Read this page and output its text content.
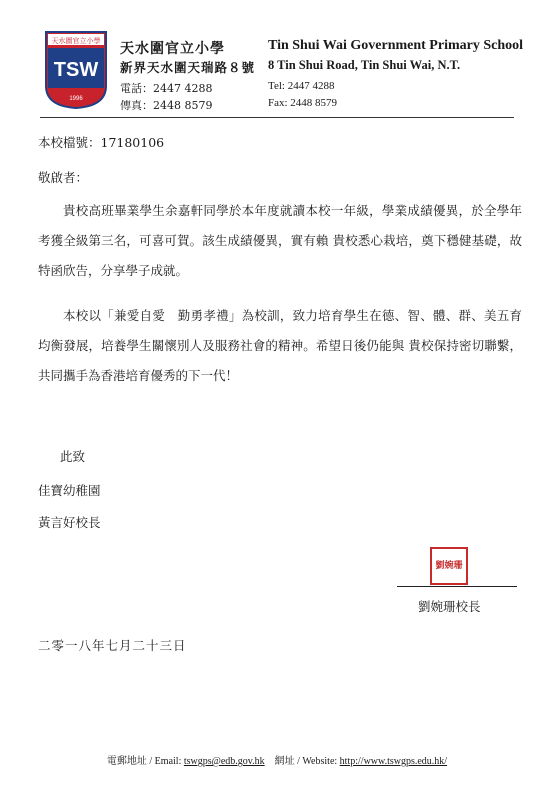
天水圍官立小學
TSW
1996
天水圍官立小學
新界天水圍天瑞路８號
電話：2447 4288
傳真：2448 8579
Tin Shui Wai Government Primary School
8 Tin Shui Road, Tin Shui Wai, N.T.
Tel: 2447 4288
Fax: 2448 8579
本校檔號：17180106
敬啟者：

貴校高班畢業學生余嘉軒同學於本年度就讀本校一年級，學業成績優異，於全學年考獲全級第三名，可喜可賀。該生成績優異，實有賴 貴校悉心栽培，奠下穩健基礎，故特函欣告，分享學子成就。

本校以「兼愛自愛　勤勇孝禮」為校訓，致力培育學生在德、智、體、群、美五育均衡發展，培養學生關懷別人及服務社會的精神。希望日後仍能與 貴校保持密切聯繫，共同攜手為香港培育優秀的下一代！

此致
佳寶幼稚園
黃言好校長
劉婉珊
劉婉珊校長
二零一八年七月二十三日
電郵地址 / Email: tswgps@edb.gov.hk 網址 / Website: http://www.tswgps.edu.hk/
